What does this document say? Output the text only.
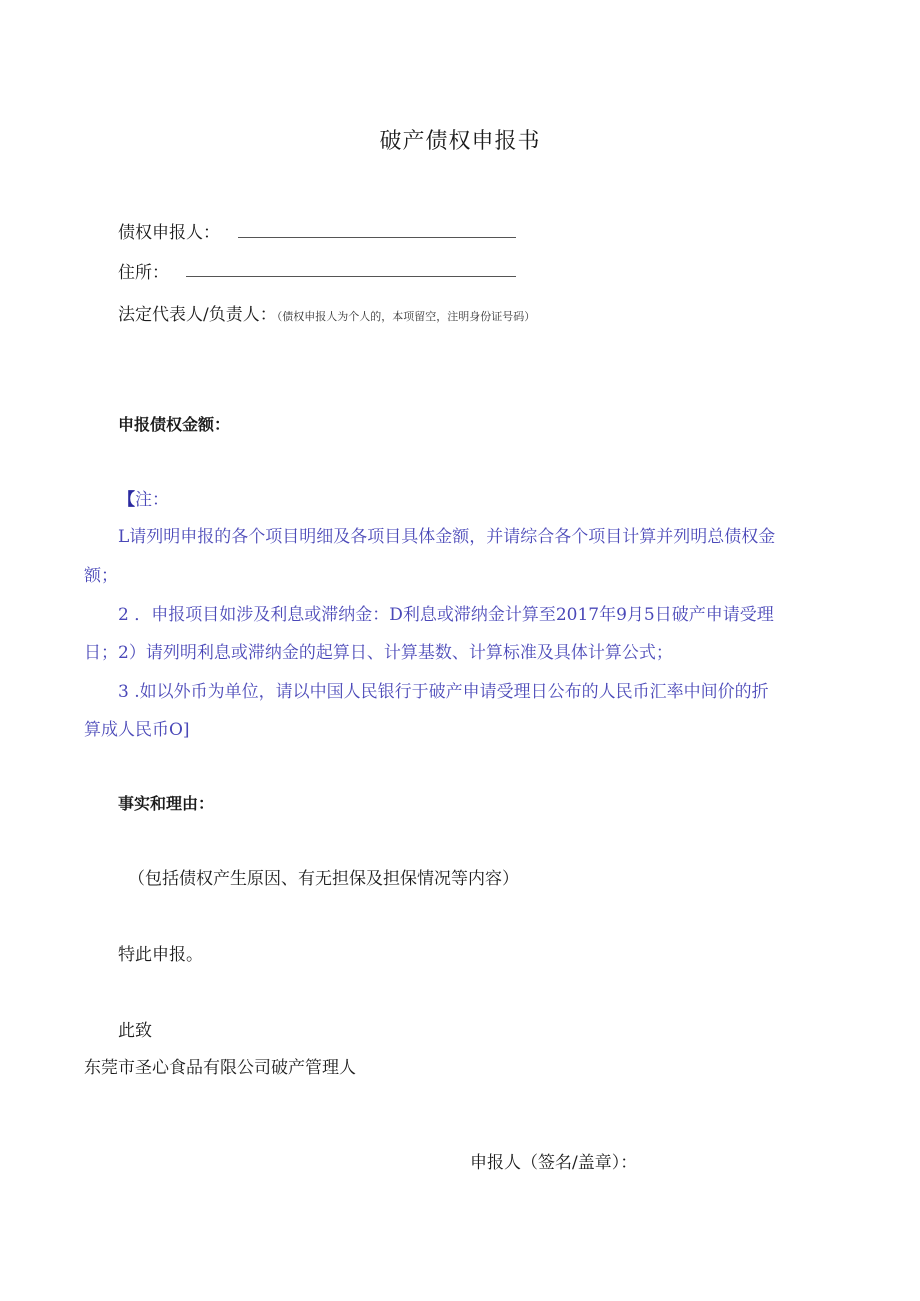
破产债权申报书
债权申报人：
住所：
法定代表人/负责人：（债权申报人为个人的，本项留空，注明身份证号码）
申报债权金额：
【注：
L请列明申报的各个项目明细及各项目具体金额，并请综合各个项目计算并列明总债权金
额；
2 ．申报项目如涉及利息或滞纳金：D利息或滞纳金计算至2017年9月5日破产申请受理
日；2）请列明利息或滞纳金的起算日、计算基数、计算标准及具体计算公式；
3 .如以外币为单位，请以中国人民银行于破产申请受理日公布的人民币汇率中间价的折
算成人民币O]
事实和理由：
（包括债权产生原因、有无担保及担保情况等内容）
特此申报。
此致
东莞市圣心食品有限公司破产管理人
申报人（签名/盖章）：
